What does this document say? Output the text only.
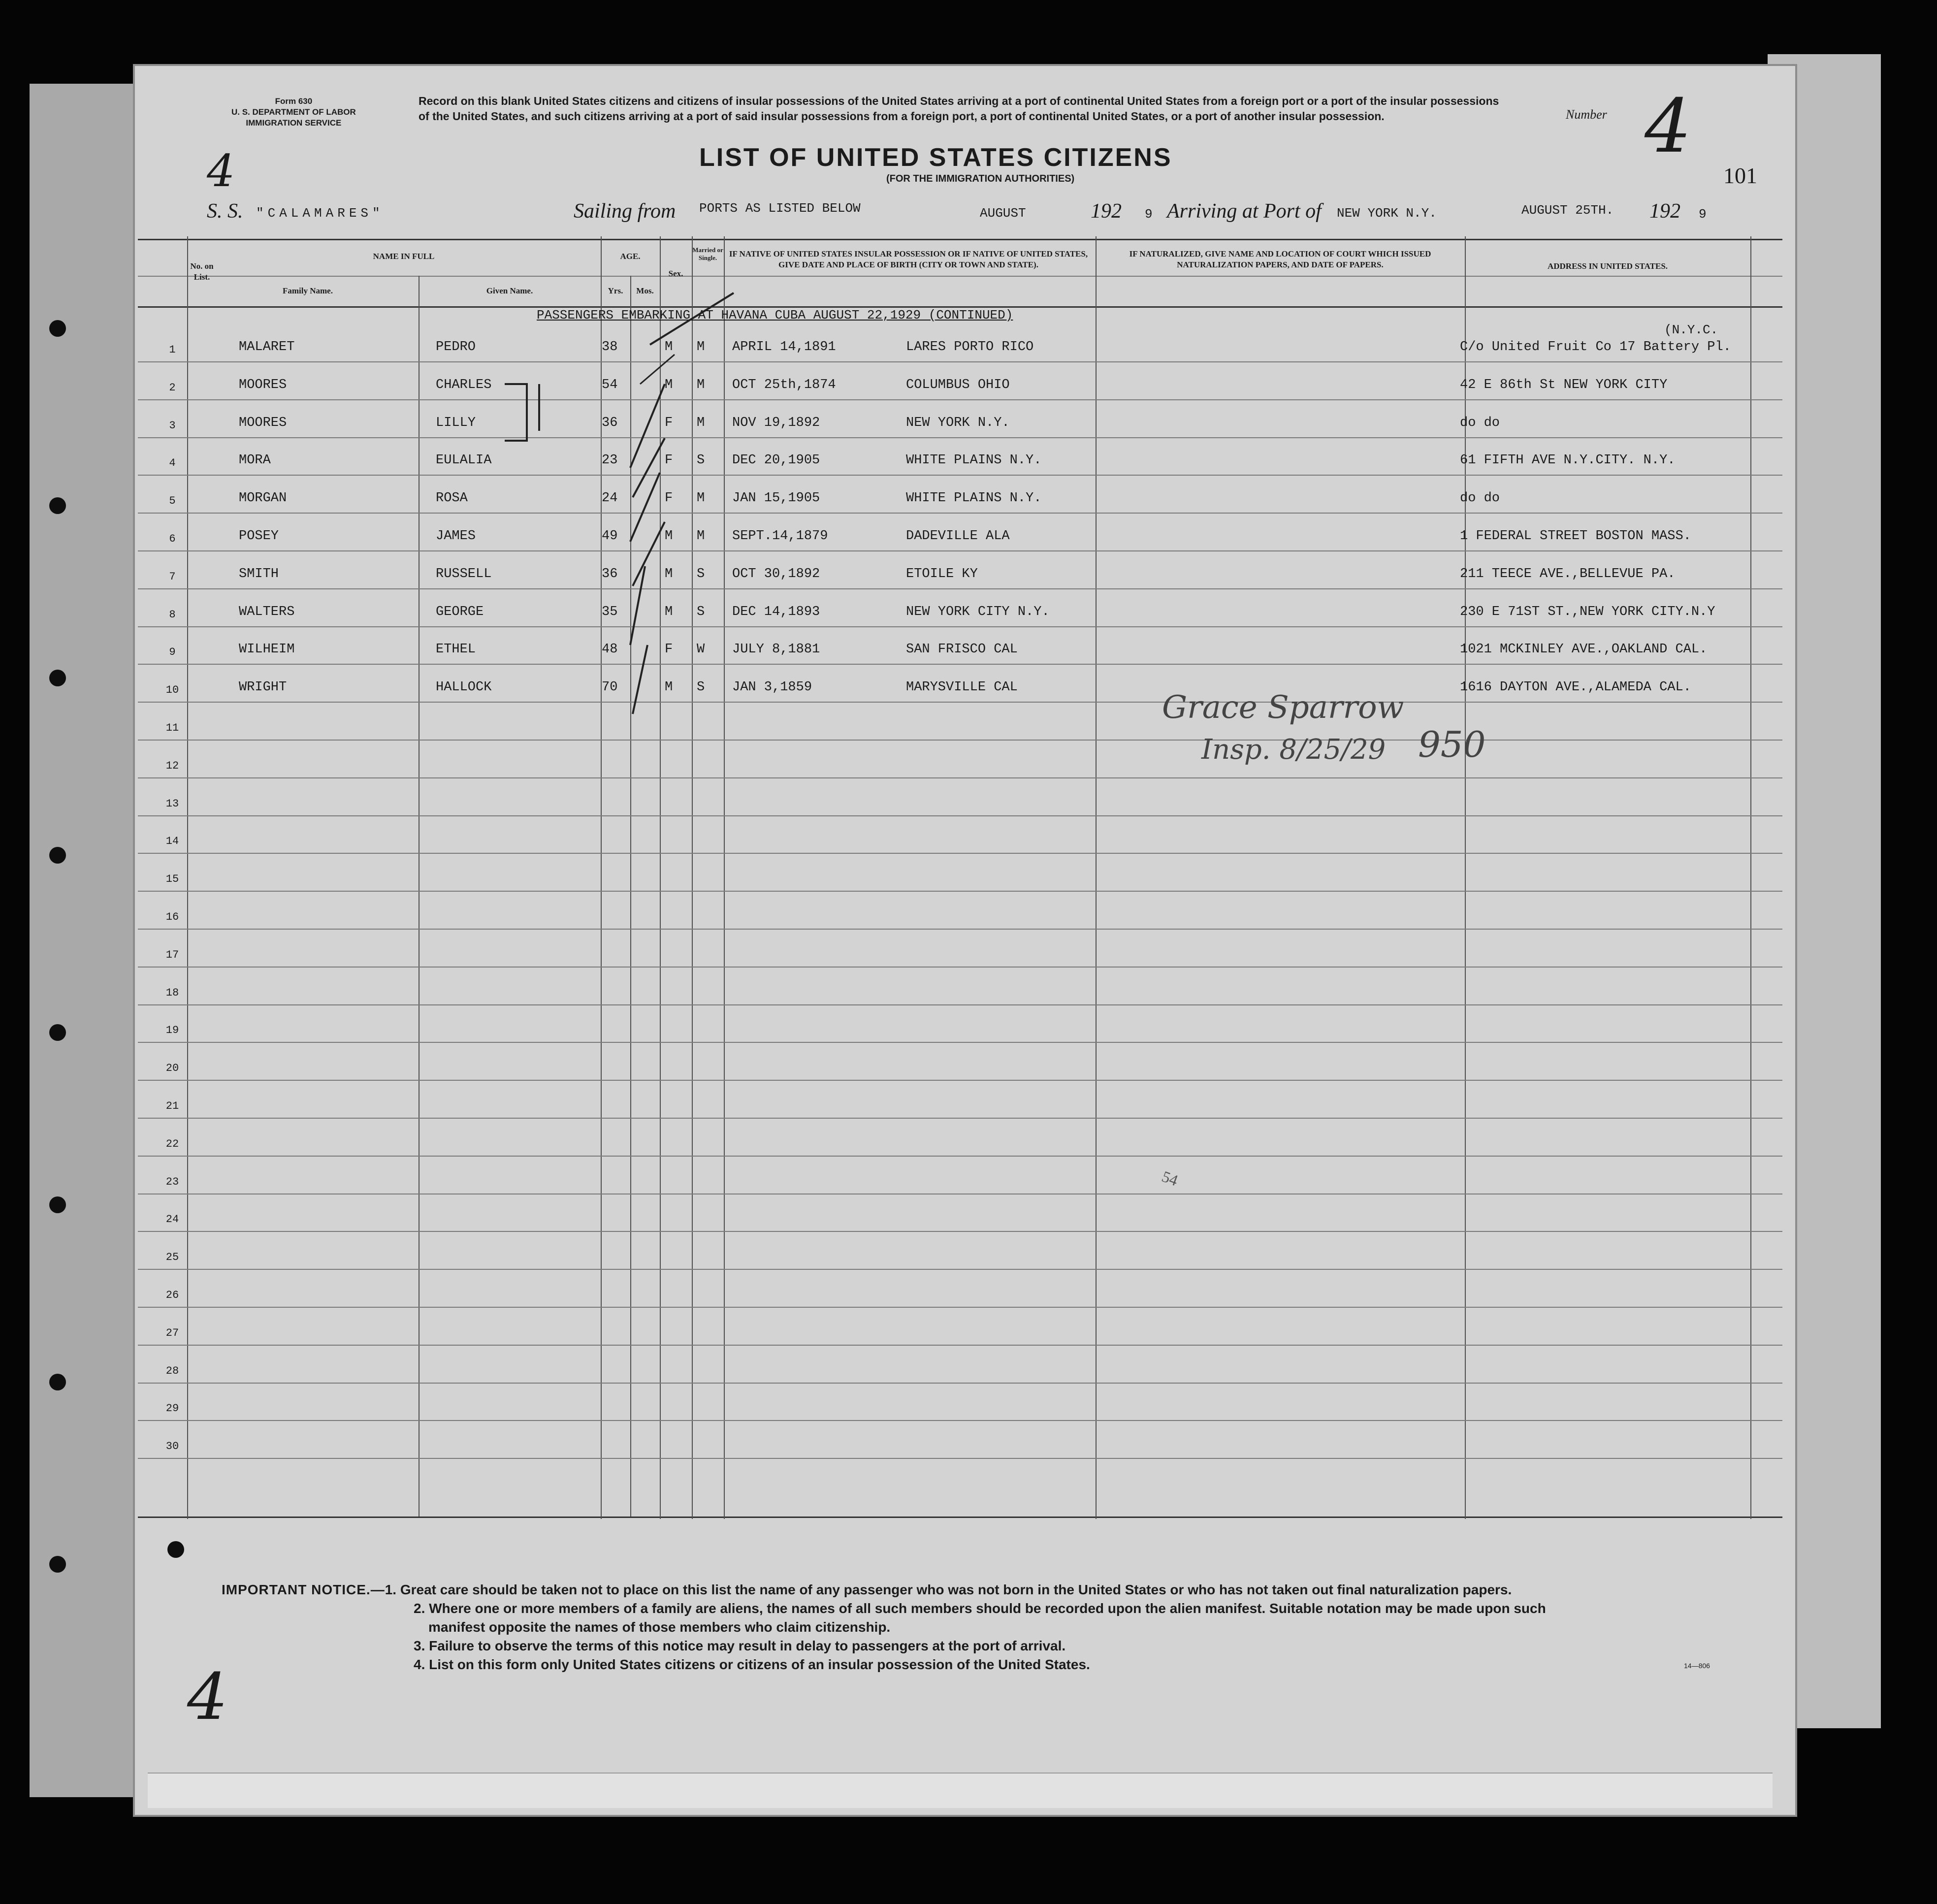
Form 630
U. S. DEPARTMENT OF LABOR
IMMIGRATION SERVICE
Record on this blank United States citizens and citizens of insular possessions of the United States arriving at a port of continental United States from a foreign port or a port of the insular possessions of the United States, and such citizens arriving at a port of said insular possessions from a foreign port, a port of continental United States, or a port of another insular possession.	Number 4
101
4	LIST OF UNITED STATES CITIZENS
(FOR THE IMMIGRATION AUTHORITIES)
S. S. "CALAMARES"	Sailing from PORTS AS LISTED BELOW	AUGUST	192 9 Arriving at Port of NEW YORK N.Y.	AUGUST 25TH. 192 9
No. on List.
NAME IN FULL
Family Name.	Given Name.
AGE.
Yrs.	Mos.
Sex.
Married or Single.	IF NATIVE OF UNITED STATES INSULAR POSSESSION OR IF NATIVE OF UNITED STATES, GIVE DATE AND PLACE OF BIRTH (CITY OR TOWN AND STATE).
IF NATURALIZED, GIVE NAME AND LOCATION OF COURT WHICH ISSUED NATURALIZATION PAPERS, AND DATE OF PAPERS.	ADDRESS IN UNITED STATES.
PASSENGERS EMBARKING AT HAVANA CUBA AUGUST 22,1929 (CONTINUED)
(N.Y.C.
1	MALARET	PEDRO	38	M M APRIL 14,1891	LARES PORTO RICO	C/o United Fruit Co 17 Battery Pl.
2	MOORES	CHARLES	54	M M OCT 25th,1874	COLUMBUS OHIO	42 E 86th St NEW YORK CITY
3	MOORES	LILLY	36	F M NOV 19,1892	NEW YORK N.Y.	do do
4	MORA	EULALIA	23	F S DEC 20,1905	WHITE PLAINS N.Y.	61 FIFTH AVE N.Y.CITY. N.Y.
5	MORGAN	ROSA	24	F M JAN 15,1905	WHITE PLAINS N.Y.	do do
6	POSEY	JAMES	49	M M SEPT.14,1879	DADEVILLE ALA	1 FEDERAL STREET BOSTON MASS.
7	SMITH	RUSSELL	36	M S OCT 30,1892	ETOILE KY	211 TEECE AVE.,BELLEVUE PA.
8	WALTERS	GEORGE	35	M S DEC 14,1893	NEW YORK CITY N.Y.	230 E 71ST ST.,NEW YORK CITY.N.Y
9	WILHEIM	ETHEL	48	F W JULY 8,1881	SAN FRISCO CAL	1021 MCKINLEY AVE.,OAKLAND CAL.
10	WRIGHT	HALLOCK	70	M S JAN 3,1859	MARYSVILLE CAL	1616 DAYTON AVE.,ALAMEDA CAL.
11
12
13
14
15
16
17
18
19
20
21
22
23
24
25
26
27
28
29
30
Grace Sparrow
Insp. 8/25/29 950
54
4
IMPORTANT NOTICE.— 1. Great care should be taken not to place on this list the name of any passenger who was not born in the United States or who has not taken out final naturalization papers.
2. Where one or more members of a family are aliens, the names of all such members should be recorded upon the alien manifest. Suitable notation may be made upon such
manifest opposite the names of those members who claim citizenship.
3. Failure to observe the terms of this notice may result in delay to passengers at the port of arrival.
4. List on this form only United States citizens or citizens of an insular possession of the United States.	14—806
